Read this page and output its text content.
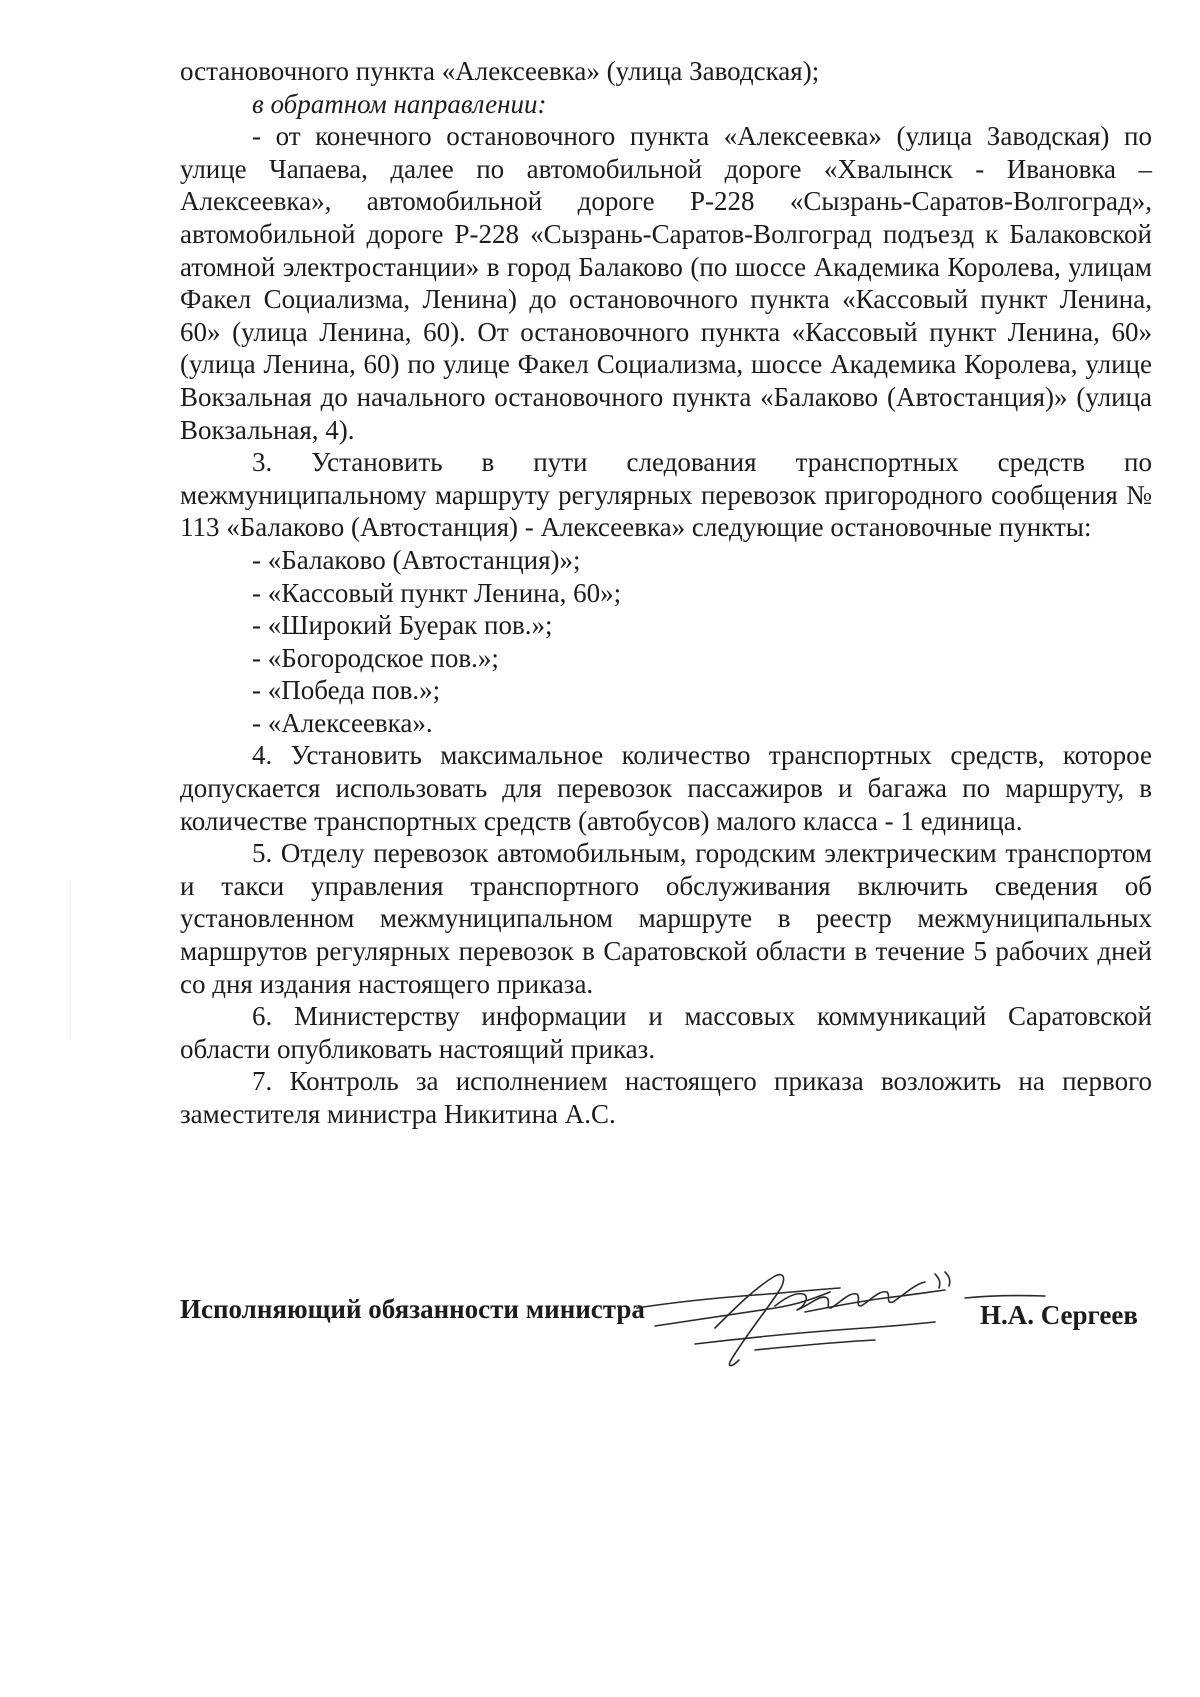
остановочного пункта «Алексеевка» (улица Заводская);

в обратном направлении:

- от конечного остановочного пункта «Алексеевка» (улица Заводская) по улице Чапаева, далее по автомобильной дороге «Хвалынск - Ивановка – Алексеевка», автомобильной дороге Р-228 «Сызрань-Саратов-Волгоград», автомобильной дороге Р-228 «Сызрань-Саратов-Волгоград подъезд к Балаковской атомной электростанции» в город Балаково (по шоссе Академика Королева, улицам Факел Социализма, Ленина) до остановочного пункта «Кассовый пункт Ленина, 60» (улица Ленина, 60). От остановочного пункта «Кассовый пункт Ленина, 60» (улица Ленина, 60) по улице Факел Социализма, шоссе Академика Королева, улице Вокзальная до начального остановочного пункта «Балаково (Автостанция)» (улица Вокзальная, 4).

3. Установить в пути следования транспортных средств по межмуниципальному маршруту регулярных перевозок пригородного сообщения № 113 «Балаково (Автостанция) - Алексеевка» следующие остановочные пункты:

- «Балаково (Автостанция)»;

- «Кассовый пункт Ленина, 60»;

- «Широкий Буерак пов.»;

- «Богородское пов.»;

- «Победа пов.»;

- «Алексеевка».

4. Установить максимальное количество транспортных средств, которое допускается использовать для перевозок пассажиров и багажа по маршруту, в количестве транспортных средств (автобусов) малого класса - 1 единица.

5. Отделу перевозок автомобильным, городским электрическим транспортом и такси управления транспортного обслуживания включить сведения об установленном межмуниципальном маршруте в реестр межмуниципальных маршрутов регулярных перевозок в Саратовской области в течение 5 рабочих дней со дня издания настоящего приказа.

6. Министерству информации и массовых коммуникаций Саратовской области опубликовать настоящий приказ.

7. Контроль за исполнением настоящего приказа возложить на первого заместителя министра Никитина А.С.

Исполняющий обязанности министра	Н.А. Сергеев
